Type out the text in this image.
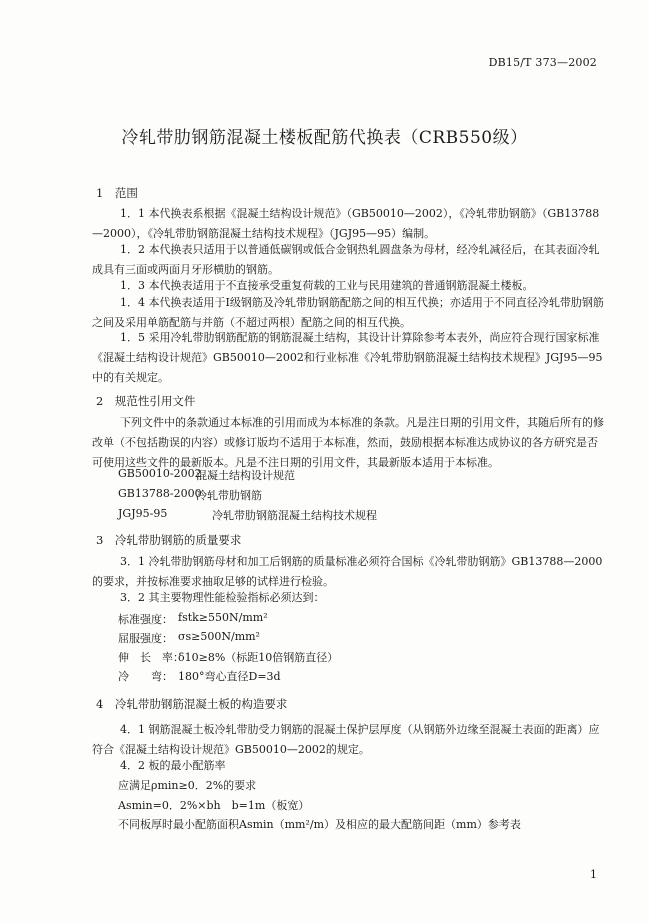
DB15/T 373—2002
冷轧带肋钢筋混凝土楼板配筋代换表（CRB550级）
1　范围
1．1 本代换表系根据《混凝土结构设计规范》（GB50010—2002），《冷轧带肋钢筋》（GB13788—2000），《冷轧带肋钢筋混凝土结构技术规程》（JGJ95—95）编制。
1．2 本代换表只适用于以普通低碳钢或低合金钢热轧圆盘条为母材，经冷轧减径后，在其表面冷轧成具有三面或两面月牙形横肋的钢筋。
1．3 本代换表适用于不直接承受重复荷载的工业与民用建筑的普通钢筋混凝土楼板。
1．4 本代换表适用于Ⅰ级钢筋及冷轧带肋钢筋配筋之间的相互代换；亦适用于不同直径冷轧带肋钢筋之间及采用单筋配筋与并筋（不超过两根）配筋之间的相互代换。
1．5 采用冷轧带肋钢筋配筋的钢筋混凝土结构，其设计计算除参考本表外，尚应符合现行国家标准《混凝土结构设计规范》GB50010—2002和行业标准《冷轧带肋钢筋混凝土结构技术规程》JGJ95—95中的有关规定。
2　规范性引用文件
下列文件中的条款通过本标准的引用而成为本标准的条款。凡是注日期的引用文件，其随后所有的修改单（不包括勘误的内容）或修订版均不适用于本标准，然而，鼓励根据本标准达成协议的各方研究是否可使用这些文件的最新版本。凡是不注日期的引用文件，其最新版本适用于本标准。
GB50010-2002
混凝土结构设计规范
GB13788-2000
冷轧带肋钢筋
JGJ95-95	冷轧带肋钢筋混凝土结构技术规程
3　冷轧带肋钢筋的质量要求
3．1 冷轧带肋钢筋母材和加工后钢筋的质量标准必须符合国标《冷轧带肋钢筋》GB13788—2000的要求，并按标准要求抽取足够的试样进行检验。
3．2 其主要物理性能检验指标必须达到：
标准强度： fstk≥550N/mm²
屈服强度： σs≥500N/mm²
伸　长　率：
δ10≥8%（标距10倍钢筋直径）
冷　　弯： 180°弯心直径D=3d
4　冷轧带肋钢筋混凝土板的构造要求
4．1 钢筋混凝土板冷轧带肋受力钢筋的混凝土保护层厚度（从钢筋外边缘至混凝土表面的距离）应符合《混凝土结构设计规范》GB50010—2002的规定。
4．2 板的最小配筋率
应满足ρmin≥0．2%的要求
Asmin=0．2%×bh　b=1m（板宽）
不同板厚时最小配筋面积Asmin（mm²/m）及相应的最大配筋间距（mm）参考表
1
